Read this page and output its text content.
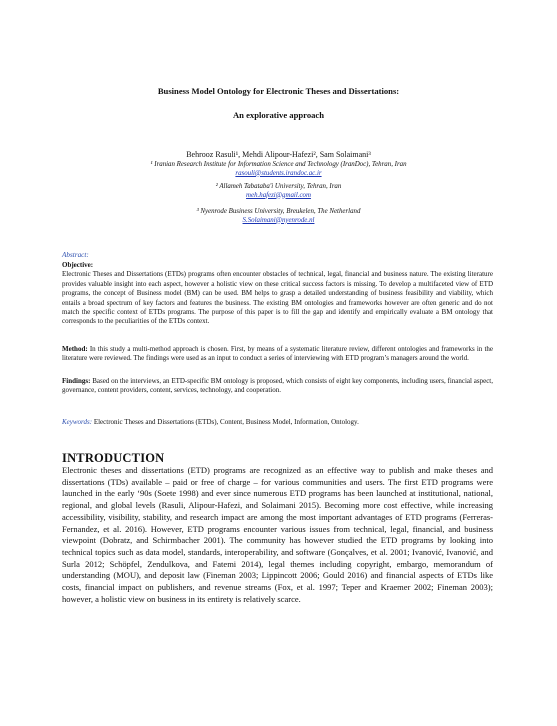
Business Model Ontology for Electronic Theses and Dissertations:
An explorative approach
Behrooz Rasuli¹, Mehdi Alipour-Hafezi², Sam Solaimani³
¹ Iranian Research Institute for Information Science and Technology (IranDoc), Tehran, Iran
rasouli@students.irandoc.ac.ir
² Allameh Tabataba'i University, Tehran, Iran
meh.hafezi@gmail.com
³ Nyenrode Business University, Breukelen, The Netherland
S.Solaimani@nyenrode.nl
Abstract:
Objective:
Electronic Theses and Dissertations (ETDs) programs often encounter obstacles of technical, legal, financial and business nature. The existing literature provides valuable insight into each aspect, however a holistic view on these critical success factors is missing. To develop a multifaceted view of ETD programs, the concept of Business model (BM) can be used. BM helps to grasp a detailed understanding of business feasibility and viability, which entails a broad spectrum of key factors and features the business. The existing BM ontologies and frameworks however are often generic and do not match the specific context of ETDs programs. The purpose of this paper is to fill the gap and identify and empirically evaluate a BM ontology that corresponds to the peculiarities of the ETDs context.
Method: In this study a multi-method approach is chosen. First, by means of a systematic literature review, different ontologies and frameworks in the literature were reviewed. The findings were used as an input to conduct a series of interviewing with ETD program’s managers around the world.
Findings: Based on the interviews, an ETD-specific BM ontology is proposed, which consists of eight key components, including users, financial aspect, governance, content providers, content, services, technology, and cooperation.
Keywords: Electronic Theses and Dissertations (ETDs), Content, Business Model, Information, Ontology.
INTRODUCTION
Electronic theses and dissertations (ETD) programs are recognized as an effective way to publish and make theses and dissertations (TDs) available – paid or free of charge – for various communities and users. The first ETD programs were launched in the early ‘90s (Soete 1998) and ever since numerous ETD programs has been launched at institutional, national, regional, and global levels (Rasuli, Alipour-Hafezi, and Solaimani 2015). Becoming more cost effective, while increasing accessibility, visibility, stability, and research impact are among the most important advantages of ETD programs (Ferreras-Fernandez, et al. 2016). However, ETD programs encounter various issues from technical, legal, financial, and business viewpoint (Dobratz, and Schirmbacher 2001). The community has however studied the ETD programs by looking into technical topics such as data model, standards, interoperability, and software (Gonçalves, et al. 2001; Ivanović, Ivanović, and Surla 2012; Schöpfel, Zendulkova, and Fatemi 2014), legal themes including copyright, embargo, memorandum of understanding (MOU), and deposit law (Fineman 2003; Lippincott 2006; Gould 2016) and financial aspects of ETDs like costs, financial impact on publishers, and revenue streams (Fox, et al. 1997; Teper and Kraemer 2002; Fineman 2003); however, a holistic view on business in its entirety is relatively scarce.
